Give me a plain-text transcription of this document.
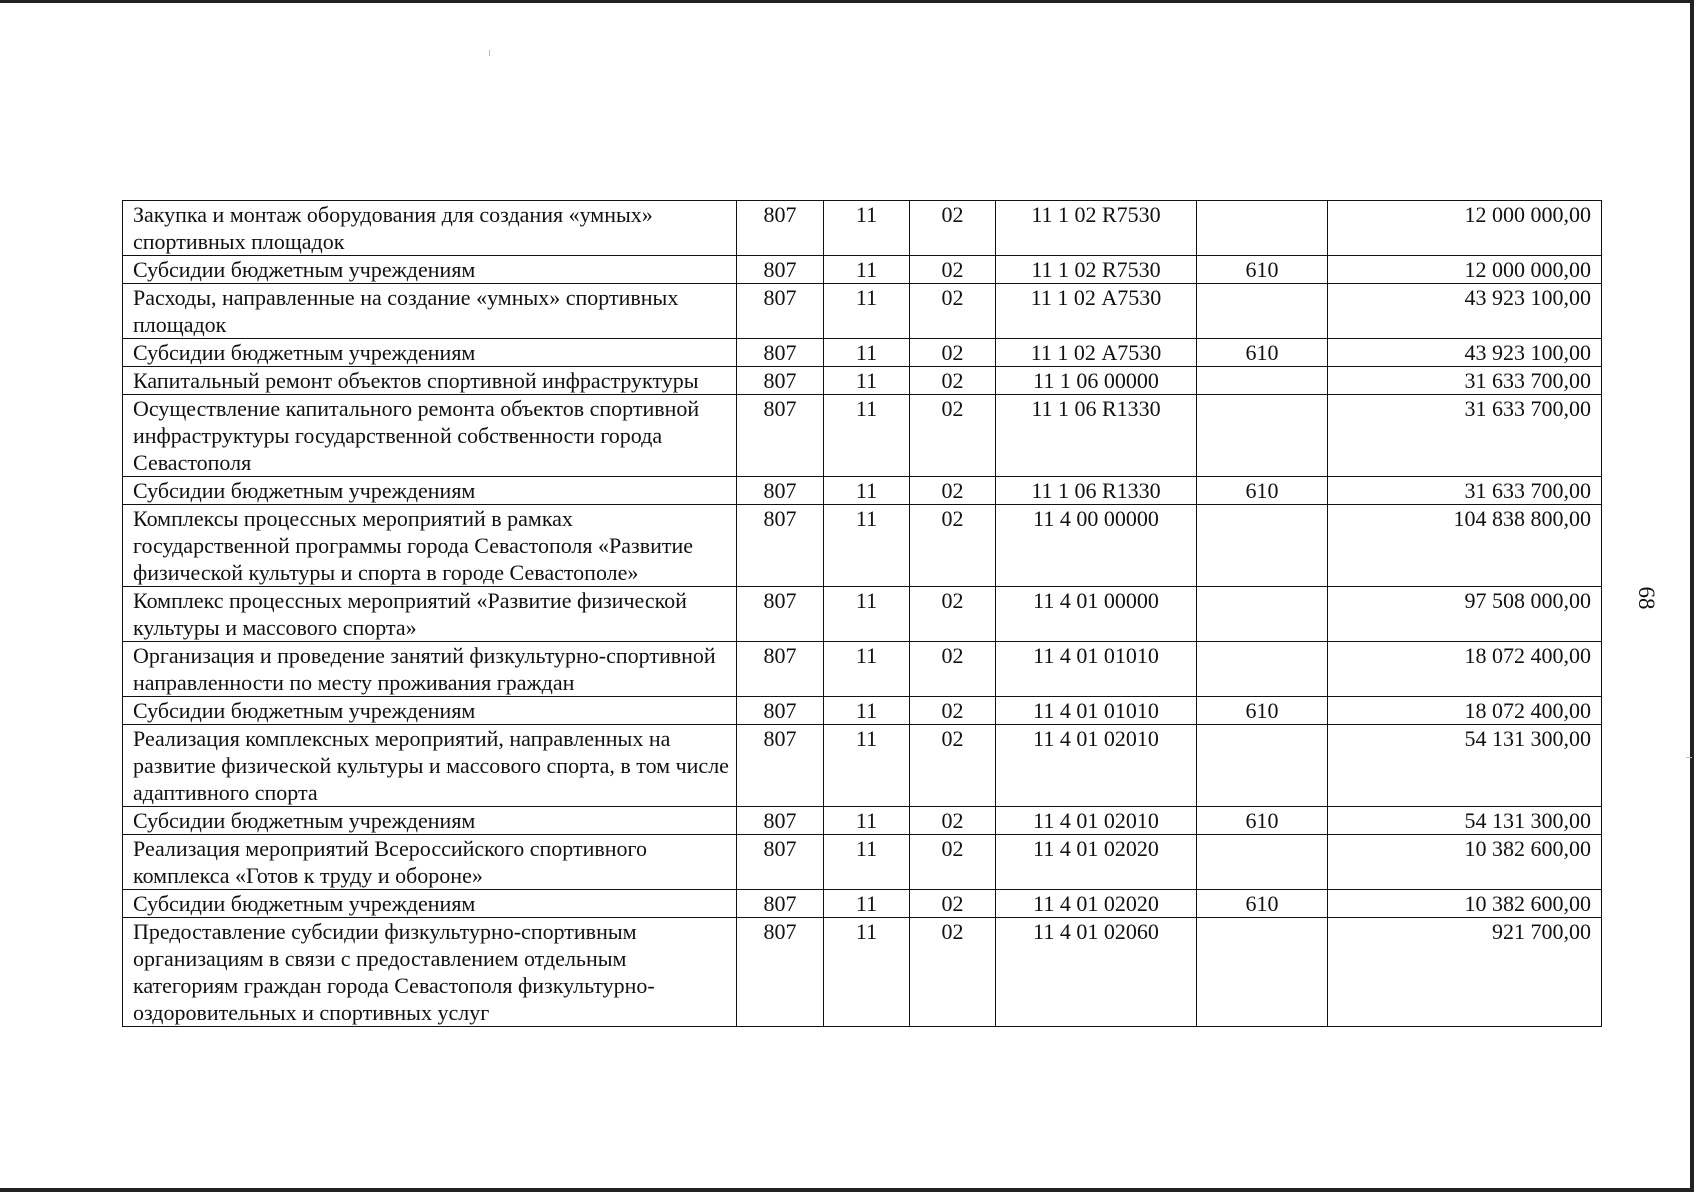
68
Закупка и монтаж оборудования для создания «умных» спортивных площадок	807	11	02	11 1 02 R7530		12 000 000,00
Субсидии бюджетным учреждениям	807	11	02	11 1 02 R7530	610	12 000 000,00
Расходы, направленные на создание «умных» спортивных площадок	807	11	02	11 1 02 А7530		43 923 100,00
Субсидии бюджетным учреждениям	807	11	02	11 1 02 А7530	610	43 923 100,00
Капитальный ремонт объектов спортивной инфраструктуры	807	11	02	11 1 06 00000		31 633 700,00
Осуществление капитального ремонта объектов спортивной инфраструктуры государственной собственности города Севастополя	807	11	02	11 1 06 R1330		31 633 700,00
Субсидии бюджетным учреждениям	807	11	02	11 1 06 R1330	610	31 633 700,00
Комплексы процессных мероприятий в рамках государственной программы города Севастополя «Развитие физической культуры и спорта в городе Севастополе»	807	11	02	11 4 00 00000		104 838 800,00
Комплекс процессных мероприятий «Развитие физической культуры и массового спорта»	807	11	02	11 4 01 00000		97 508 000,00
Организация и проведение занятий физкультурно-спортивной направленности по месту проживания граждан	807	11	02	11 4 01 01010		18 072 400,00
Субсидии бюджетным учреждениям	807	11	02	11 4 01 01010	610	18 072 400,00
Реализация комплексных мероприятий, направленных на развитие физической культуры и массового спорта, в том числе адаптивного спорта	807	11	02	11 4 01 02010		54 131 300,00
Субсидии бюджетным учреждениям	807	11	02	11 4 01 02010	610	54 131 300,00
Реализация мероприятий Всероссийского спортивного комплекса «Готов к труду и обороне»	807	11	02	11 4 01 02020		10 382 600,00
Субсидии бюджетным учреждениям	807	11	02	11 4 01 02020	610	10 382 600,00
Предоставление субсидии физкультурно-спортивным организациям в связи с предоставлением отдельным категориям граждан города Севастополя физкультурно-оздоровительных и спортивных услуг	807	11	02	11 4 01 02060		921 700,00
